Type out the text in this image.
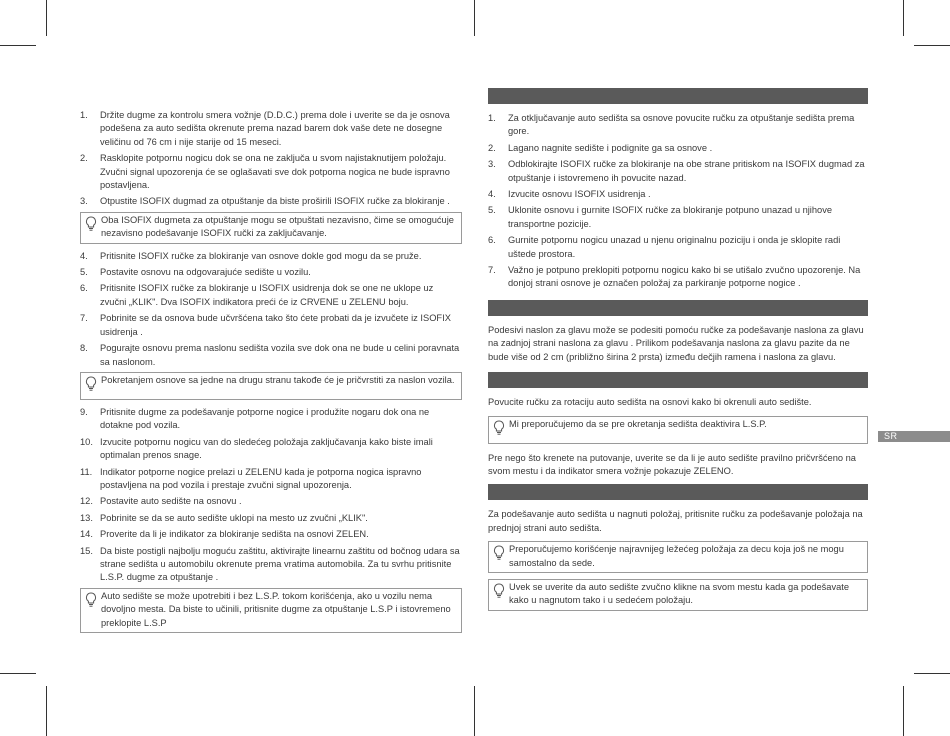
1. Držite dugme za kontrolu smera vožnje (D.D.C.) prema dole i uverite se da je osnova podešena za auto sedišta okrenute prema nazad barem dok vaše dete ne dosegne veličinu od 76 cm i nije starije od 15 meseci.
2. Rasklopite potpornu nogicu dok se ona ne zaključa u svom najistaknutijem položaju. Zvučni signal upozorenja će se oglašavati sve dok potporna nogica ne bude ispravno postavljena.
3. Otpustite ISOFIX dugmad za otpuštanje da biste proširili ISOFIX ručke za blokiranje .
Oba ISOFIX dugmeta za otpuštanje mogu se otpuštati nezavisno, čime se omogućuje nezavisno podešavanje ISOFIX ručki za zaključavanje.
4. Pritisnite ISOFIX ručke za blokiranje van osnove dokle god mogu da se pruže.
5. Postavite osnovu na odgovarajuće sedište u vozilu.
6. Pritisnite ISOFIX ručke za blokiranje u ISOFIX usidrenja dok se one ne uklope uz zvučni „KLIK". Dva ISOFIX indikatora preći će iz CRVENE u ZELENU boju.
7. Pobrinite se da osnova bude učvršćena tako što ćete probati da je izvučete iz ISOFIX usidrenja .
8. Pogurajte osnovu prema naslonu sedišta vozila sve dok ona ne bude u celini poravnata sa naslonom.
Pokretanjem osnove sa jedne na drugu stranu takođe će je pričvrstiti za naslon vozila.
9. Pritisnite dugme za podešavanje potporne nogice i produžite nogaru dok ona ne dotakne pod vozila.
10. Izvucite potpornu nogicu van do sledećeg položaja zaključavanja kako biste imali optimalan prenos snage.
11. Indikator potporne nogice prelazi u ZELENU kada je potporna nogica ispravno postavljena na pod vozila i prestaje zvučni signal upozorenja.
12. Postavite auto sedište na osnovu .
13. Pobrinite se da se auto sedište uklopi na mesto uz zvučni „KLIK".
14. Proverite da li je indikator za blokiranje sedišta na osnovi ZELEN.
15. Da biste postigli najbolju moguću zaštitu, aktivirajte linearnu zaštitu od bočnog udara sa strane sedišta u automobilu okrenute prema vratima automobila. Za tu svrhu pritisnite L.S.P. dugme za otpuštanje .
Auto sedište se može upotrebiti i bez L.S.P. tokom korišćenja, ako u vozilu nema dovoljno mesta. Da biste to učinili, pritisnite dugme za otpuštanje L.S.P i istovremeno preklopite L.S.P
1. Za otključavanje auto sedišta sa osnove povucite ručku za otpuštanje sedišta prema gore.
2. Lagano nagnite sedište i podignite ga sa osnove .
3. Odblokirajte ISOFIX ručke za blokiranje na obe strane pritiskom na ISOFIX dugmad za otpuštanje i istovremeno ih povucite nazad.
4. Izvucite osnovu ISOFIX usidrenja .
5. Uklonite osnovu i gurnite ISOFIX ručke za blokiranje potpuno unazad u njihove transportne pozicije.
6. Gurnite potpornu nogicu unazad u njenu originalnu poziciju i onda je sklopite radi uštede prostora.
7. Važno je potpuno preklopiti potpornu nogicu kako bi se utišalo zvučno upozorenje. Na donjoj strani osnove je označen položaj za parkiranje potporne nogice .

Podesivi naslon za glavu može se podesiti pomoću ručke za podešavanje naslona za glavu na zadnjoj strani naslona za glavu . Prilikom podešavanja naslona za glavu pazite da ne bude više od 2 cm (približno širina 2 prsta) između dečjih ramena i naslona za glavu.

Povucite ručku za rotaciju auto sedišta na osnovi kako bi okrenuli auto sedište.

Mi preporučujemo da se pre okretanja sedišta deaktivira L.S.P.

Pre nego što krenete na putovanje, uverite se da li je auto sedište pravilno pričvršćeno na svom mestu i da indikator smera vožnje pokazuje ZELENO.

Za podešavanje auto sedišta u nagnuti položaj, pritisnite ručku za podešavanje položaja na prednjoj strani auto sedišta.

Preporučujemo korišćenje najravnijeg ležećeg položaja za decu koja još ne mogu samostalno da sede.
Uvek se uverite da auto sedište zvučno klikne na svom mestu kada ga podešavate kako u nagnutom tako i u sedećem položaju.
SR
